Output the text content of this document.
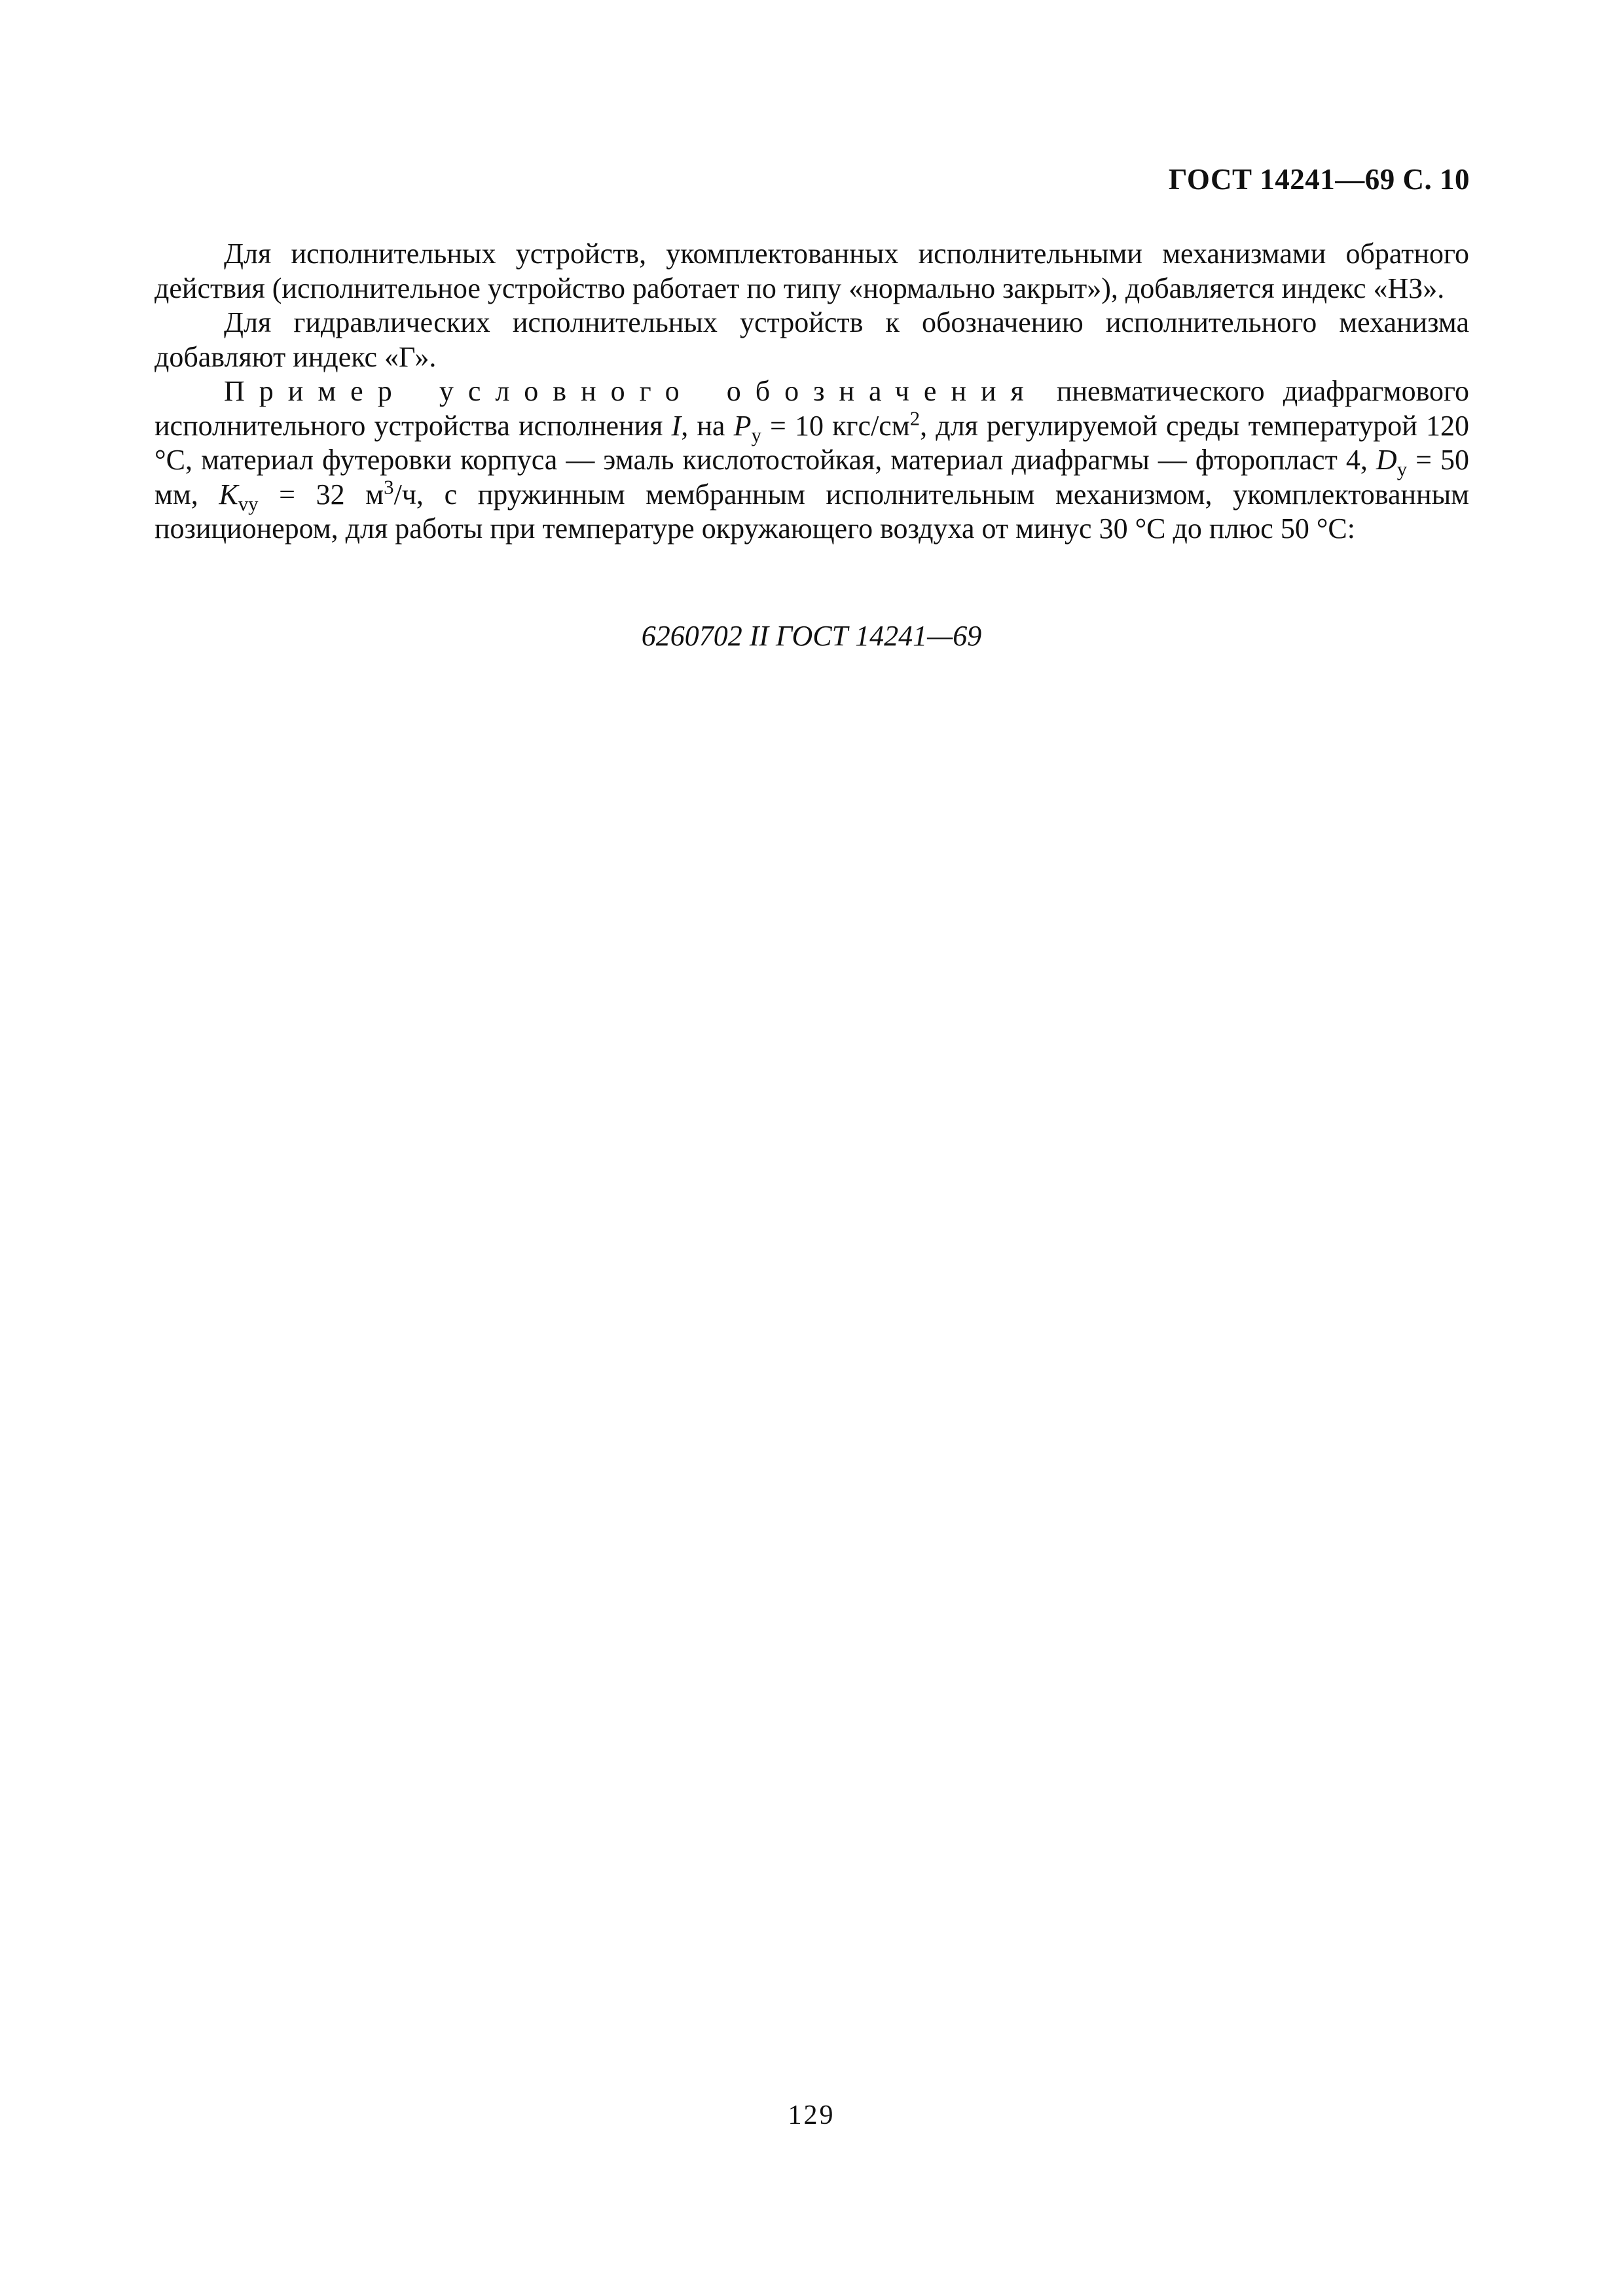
ГОСТ 14241—69 С. 10

Для исполнительных устройств, укомплектованных исполнительными механизмами обратного действия (исполнительное устройство работает по типу «нормально закрыт»), добавляется индекс «НЗ».

Для гидравлических исполнительных устройств к обозначению исполнительного механизма добавляют индекс «Г».

Пример условного обозначения пневматического диафрагмового исполнительного устройства исполнения I, на $P_у = 10$ кгс/$см^2$, для регулируемой среды температурой 120 °С, материал футеровки корпуса — эмаль кислотостойкая, материал диафрагмы — фторопласт 4, $D_у = 50$ мм, $K_{vу} = 32$ $м^3/ч$, с пружинным мембранным исполнительным механизмом, укомплектованным позиционером, для работы при температуре окружающего воздуха от минус 30 °С до плюс 50 °С:

6260702 II ГОСТ 14241—69
129
